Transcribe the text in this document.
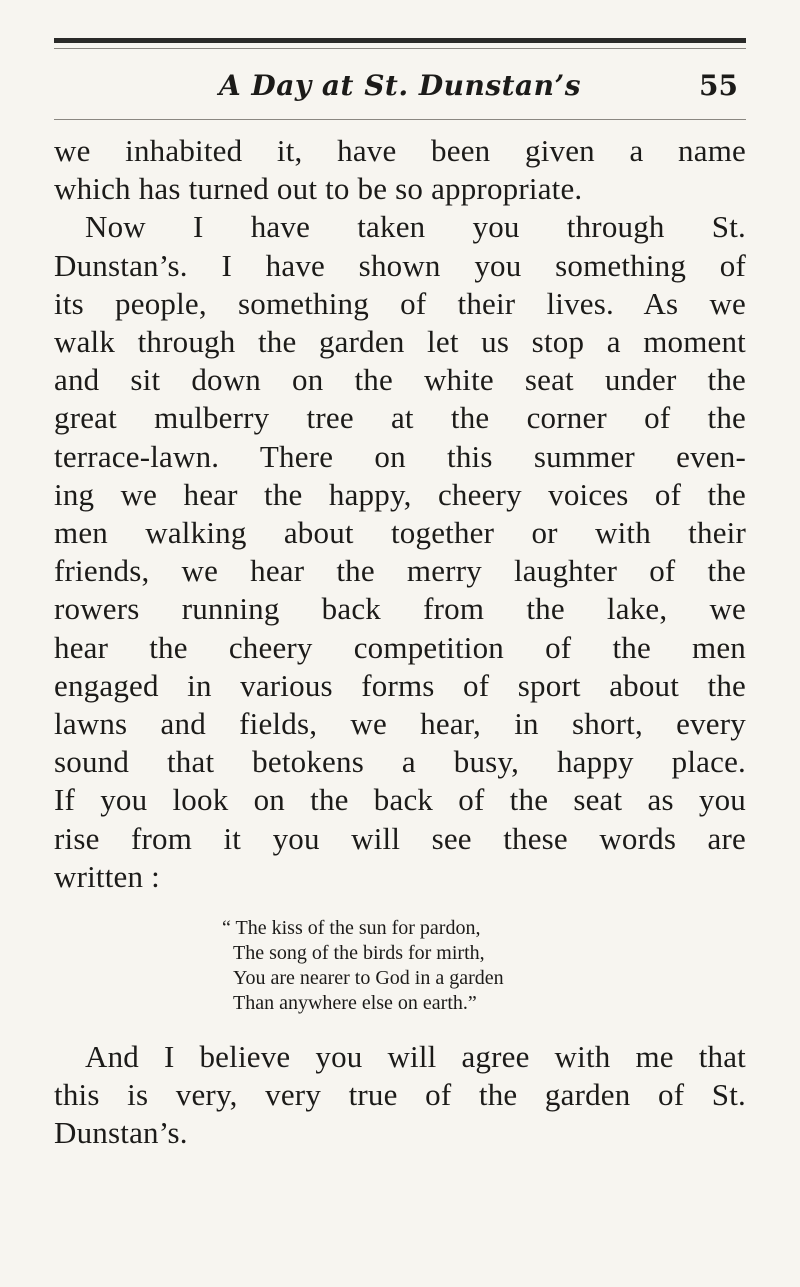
A Day at St. Dunstan’s	55
we inhabited it, have been given a name
which has turned out to be so appropriate.
Now I have taken you through St.
Dunstan’s. I have shown you something of
its people, something of their lives. As we
walk through the garden let us stop a moment
and sit down on the white seat under the
great mulberry tree at the corner of the
terrace-lawn. There on this summer even-
ing we hear the happy, cheery voices of the
men walking about together or with their
friends, we hear the merry laughter of the
rowers running back from the lake, we
hear the cheery competition of the men
engaged in various forms of sport about the
lawns and fields, we hear, in short, every
sound that betokens a busy, happy place.
If you look on the back of the seat as you
rise from it you will see these words are
written :
“ The kiss of the sun for pardon,
The song of the birds for mirth,
You are nearer to God in a garden
Than anywhere else on earth.”
And I believe you will agree with me that
this is very, very true of the garden of St.
Dunstan’s.
